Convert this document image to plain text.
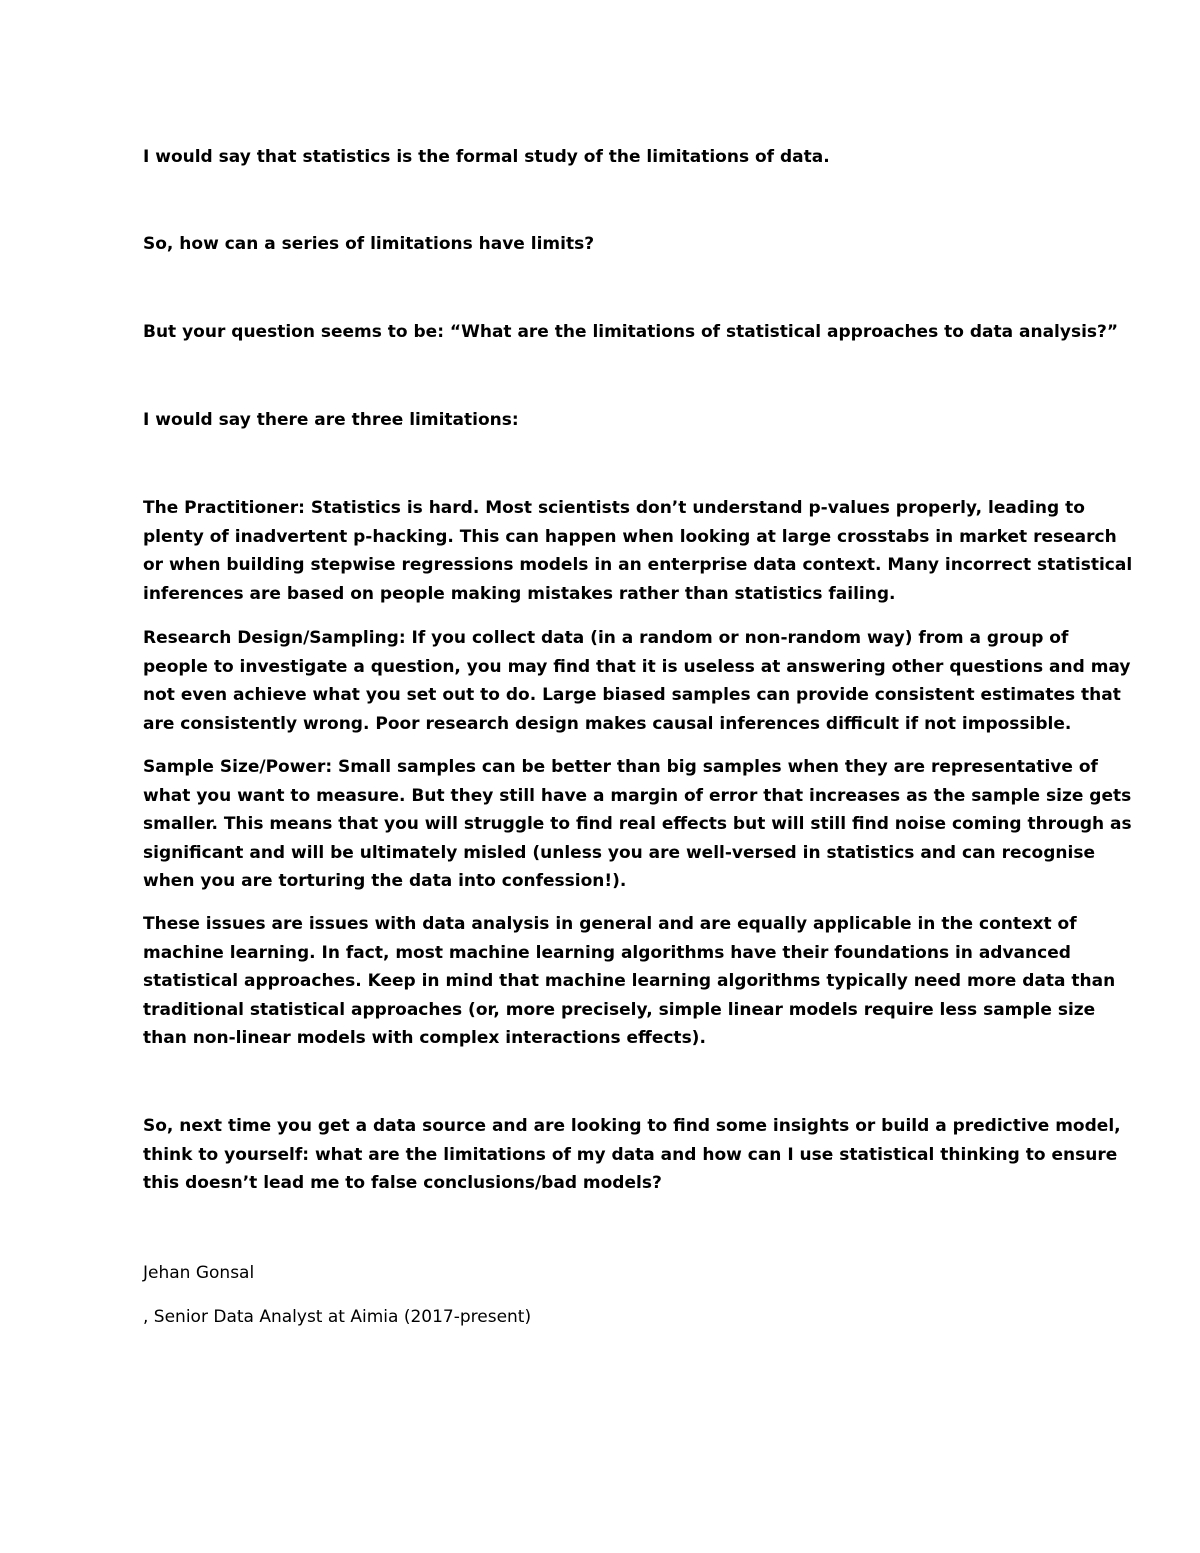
I would say that statistics is the formal study of the limitations of data.

So, how can a series of limitations have limits?

But your question seems to be: “What are the limitations of statistical approaches to data analysis?”

I would say there are three limitations:

The Practitioner: Statistics is hard. Most scientists don’t understand p-values properly, leading to
plenty of inadvertent p-hacking. This can happen when looking at large crosstabs in market research
or when building stepwise regressions models in an enterprise data context. Many incorrect statistical
inferences are based on people making mistakes rather than statistics failing.

Research Design/Sampling: If you collect data (in a random or non-random way) from a group of
people to investigate a question, you may find that it is useless at answering other questions and may
not even achieve what you set out to do. Large biased samples can provide consistent estimates that
are consistently wrong. Poor research design makes causal inferences difficult if not impossible.

Sample Size/Power: Small samples can be better than big samples when they are representative of
what you want to measure. But they still have a margin of error that increases as the sample size gets
smaller. This means that you will struggle to find real effects but will still find noise coming through as
significant and will be ultimately misled (unless you are well-versed in statistics and can recognise
when you are torturing the data into confession!).

These issues are issues with data analysis in general and are equally applicable in the context of
machine learning. In fact, most machine learning algorithms have their foundations in advanced
statistical approaches. Keep in mind that machine learning algorithms typically need more data than
traditional statistical approaches (or, more precisely, simple linear models require less sample size
than non-linear models with complex interactions effects).

So, next time you get a data source and are looking to find some insights or build a predictive model,
think to yourself: what are the limitations of my data and how can I use statistical thinking to ensure
this doesn’t lead me to false conclusions/bad models?

Jehan Gonsal

, Senior Data Analyst at Aimia (2017-present)
